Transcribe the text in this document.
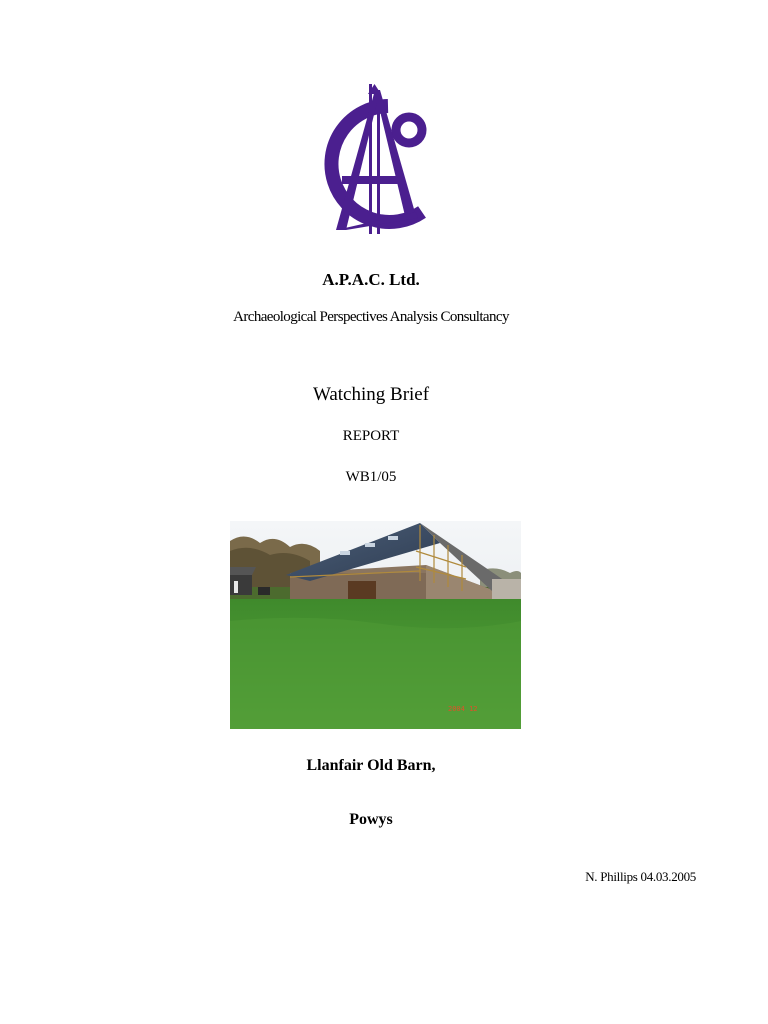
A.P.A.C. Ltd.
Archaeological Perspectives Analysis Consultancy
Watching Brief
REPORT
WB1/05
2004 12
Llanfair Old Barn,
Powys
N. Phillips 04.03.2005
